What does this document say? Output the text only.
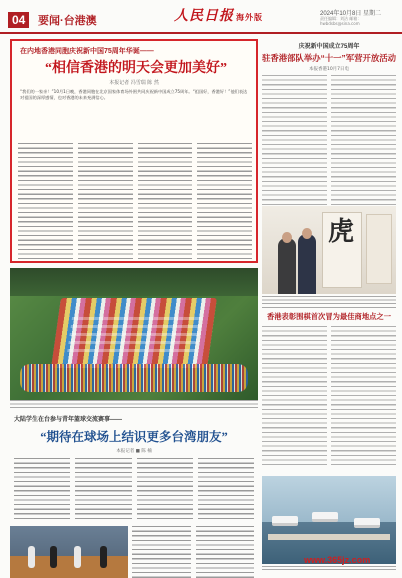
04	要闻·台港澳	人民日报 海外版	2024年10月8日 星期二
责任编辑：刘洁 邮箱：hwbdsbs@sina.com
在内地香港同胞庆祝新中国75周年华诞——
“相信香港的明天会更加美好”
本报记者 冯雪瑞 陈 然
“我们的一家亲！”10月1日晚，香港同胞在北京国家体育场外围共同庆祝新中国成立75周年。“祖国好，香港好！”他们表达对祖国的深厚感情，也对香港的未来充满信心。
庆祝新中国成立75周年
驻香港部队举办“十一”军营开放活动
本报香港10月7日电
虎
香港表彰围棋首次冒为最佳商地点之一
大陆学生在台参与青年篮球交流赛事——
“期待在球场上结识更多台湾朋友”
本报记者 ■ 陈 楠
www.365jz.com
